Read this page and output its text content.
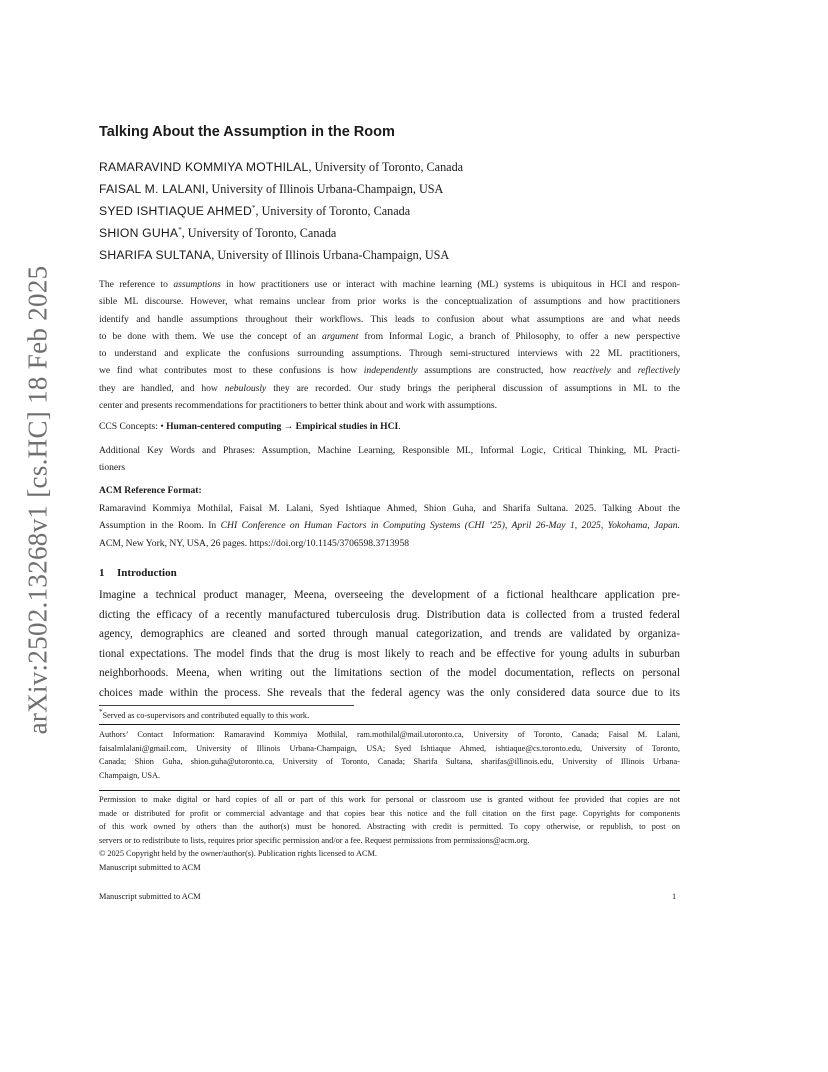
arXiv:2502.13268v1 [cs.HC] 18 Feb 2025
Talking About the Assumption in the Room
RAMARAVIND KOMMIYA MOTHILAL, University of Toronto, Canada
FAISAL M. LALANI, University of Illinois Urbana-Champaign, USA
SYED ISHTIAQUE AHMED*, University of Toronto, Canada
SHION GUHA*, University of Toronto, Canada
SHARIFA SULTANA, University of Illinois Urbana-Champaign, USA
The reference to assumptions in how practitioners use or interact with machine learning (ML) systems is ubiquitous in HCI and respon-
sible ML discourse. However, what remains unclear from prior works is the conceptualization of assumptions and how practitioners
identify and handle assumptions throughout their workflows. This leads to confusion about what assumptions are and what needs
to be done with them. We use the concept of an argument from Informal Logic, a branch of Philosophy, to offer a new perspective
to understand and explicate the confusions surrounding assumptions. Through semi-structured interviews with 22 ML practitioners,
we find what contributes most to these confusions is how independently assumptions are constructed, how reactively and reflectively
they are handled, and how nebulously they are recorded. Our study brings the peripheral discussion of assumptions in ML to the
center and presents recommendations for practitioners to better think about and work with assumptions.
CCS Concepts: • Human-centered computing → Empirical studies in HCI.
Additional Key Words and Phrases: Assumption, Machine Learning, Responsible ML, Informal Logic, Critical Thinking, ML Practi-
tioners
ACM Reference Format:
Ramaravind Kommiya Mothilal, Faisal M. Lalani, Syed Ishtiaque Ahmed, Shion Guha, and Sharifa Sultana. 2025. Talking About the
Assumption in the Room. In CHI Conference on Human Factors in Computing Systems (CHI ’25), April 26-May 1, 2025, Yokohama, Japan.
ACM, New York, NY, USA, 26 pages. https://doi.org/10.1145/3706598.3713958
1 Introduction
Imagine a technical product manager, Meena, overseeing the development of a fictional healthcare application pre-
dicting the efficacy of a recently manufactured tuberculosis drug. Distribution data is collected from a trusted federal
agency, demographics are cleaned and sorted through manual categorization, and trends are validated by organiza-
tional expectations. The model finds that the drug is most likely to reach and be effective for young adults in suburban
neighborhoods. Meena, when writing out the limitations section of the model documentation, reflects on personal
choices made within the process. She reveals that the federal agency was the only considered data source due to its
*Served as co-supervisors and contributed equally to this work.
Authors’ Contact Information: Ramaravind Kommiya Mothilal, ram.mothilal@mail.utoronto.ca, University of Toronto, Canada; Faisal M. Lalani,
faisalmlalani@gmail.com, University of Illinois Urbana-Champaign, USA; Syed Ishtiaque Ahmed, ishtiaque@cs.toronto.edu, University of Toronto,
Canada; Shion Guha, shion.guha@utoronto.ca, University of Toronto, Canada; Sharifa Sultana, sharifas@illinois.edu, University of Illinois Urbana-
Champaign, USA.
Permission to make digital or hard copies of all or part of this work for personal or classroom use is granted without fee provided that copies are not
made or distributed for profit or commercial advantage and that copies bear this notice and the full citation on the first page. Copyrights for components
of this work owned by others than the author(s) must be honored. Abstracting with credit is permitted. To copy otherwise, or republish, to post on
servers or to redistribute to lists, requires prior specific permission and/or a fee. Request permissions from permissions@acm.org.
© 2025 Copyright held by the owner/author(s). Publication rights licensed to ACM.
Manuscript submitted to ACM
Manuscript submitted to ACM	1
